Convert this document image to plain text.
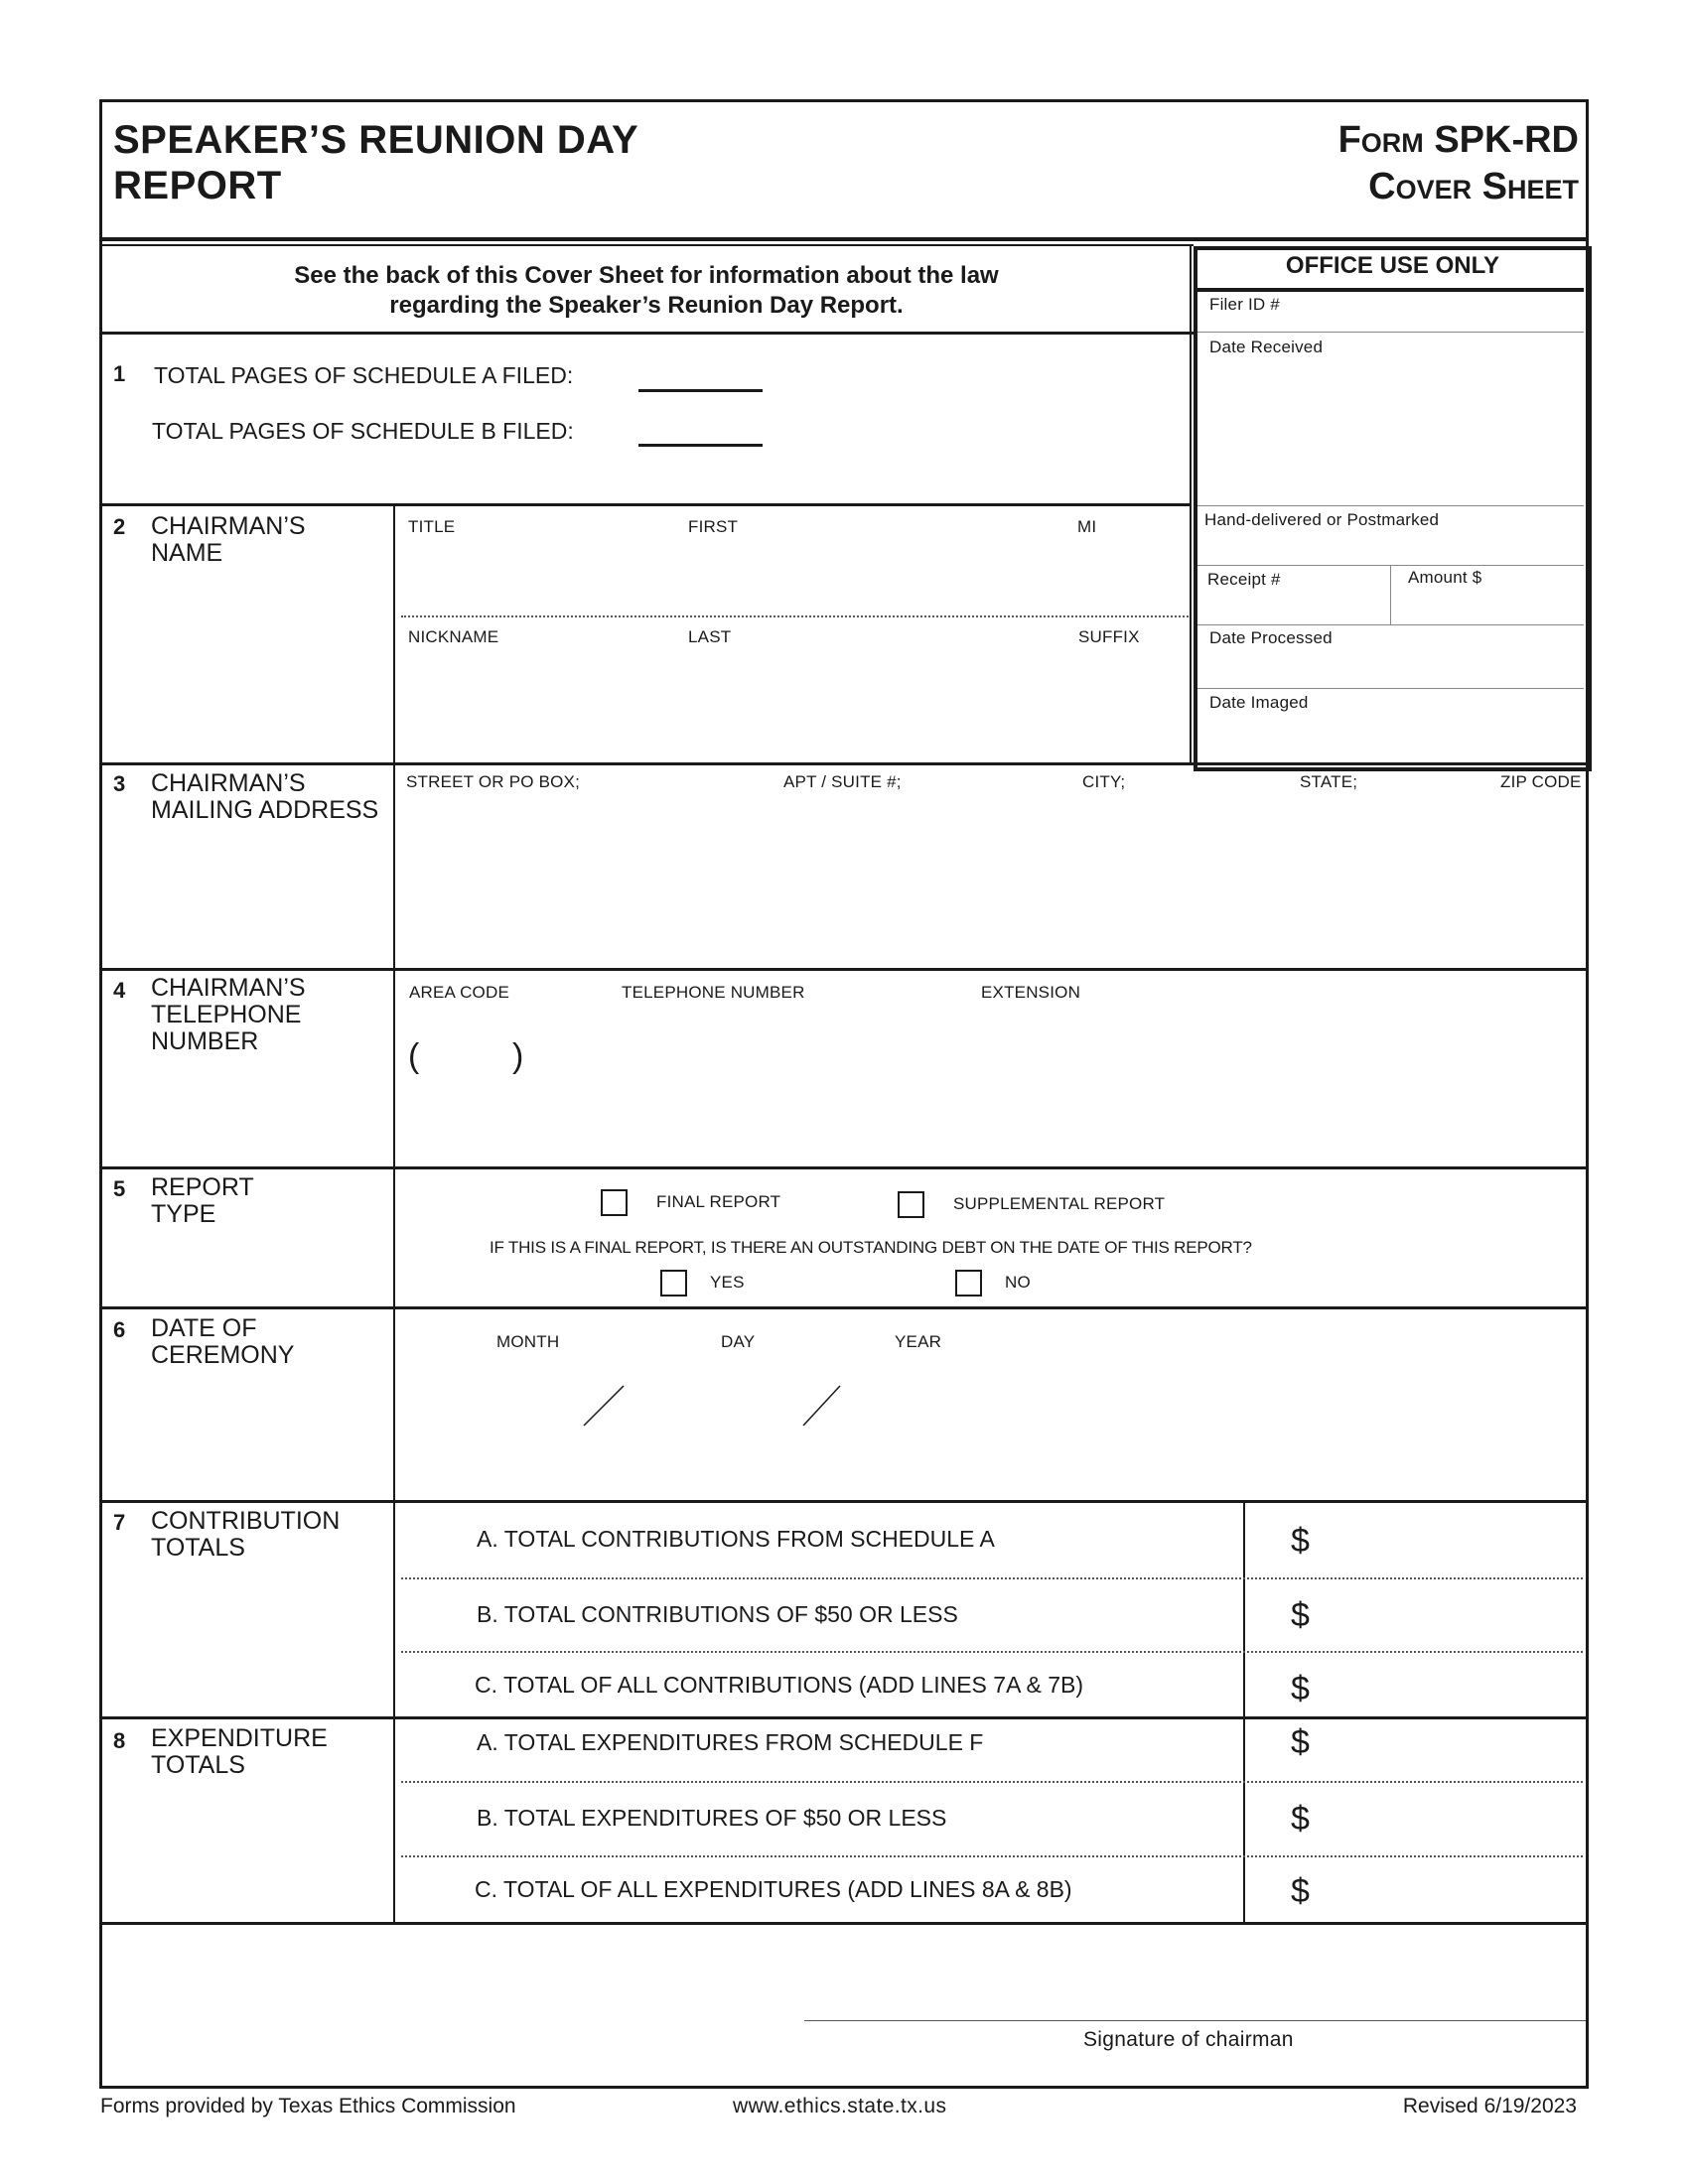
SPEAKER’S REUNION DAY
REPORT
Form SPK-RD
Cover Sheet
See the back of this Cover Sheet for information about the law
regarding the Speaker’s Reunion Day Report.
OFFICE USE ONLY
Filer ID #
Date Received
Hand-delivered or Postmarked
Receipt #	Amount $
Date Processed
Date Imaged
1 TOTAL PAGES OF SCHEDULE A FILED:
TOTAL PAGES OF SCHEDULE B FILED:
2 CHAIRMAN’S
NAME
TITLE	FIRST	MI
NICKNAME	LAST	SUFFIX
3 CHAIRMAN’S
MAILING ADDRESS
STREET OR PO BOX;	APT / SUITE #;	CITY;	STATE;	ZIP CODE
4 CHAIRMAN’S
TELEPHONE
NUMBER
AREA CODE	TELEPHONE NUMBER	EXTENSION
(	)
5 REPORT
TYPE	FINAL REPORT	SUPPLEMENTAL REPORT
IF THIS IS A FINAL REPORT, IS THERE AN OUTSTANDING DEBT ON THE DATE OF THIS REPORT?
YES	NO
6 DATE OF
CEREMONY	MONTH	DAY	YEAR
7 CONTRIBUTION
TOTALS	A. TOTAL CONTRIBUTIONS FROM SCHEDULE A	$
B. TOTAL CONTRIBUTIONS OF $50 OR LESS	$
C. TOTAL OF ALL CONTRIBUTIONS (ADD LINES 7A & 7B)	$
8 EXPENDITURE
TOTALS
A. TOTAL EXPENDITURES FROM SCHEDULE F	$
B. TOTAL EXPENDITURES OF $50 OR LESS	$
C. TOTAL OF ALL EXPENDITURES (ADD LINES 8A & 8B)	$
Signature of chairman
Forms provided by Texas Ethics Commission	www.ethics.state.tx.us	Revised 6/19/2023
